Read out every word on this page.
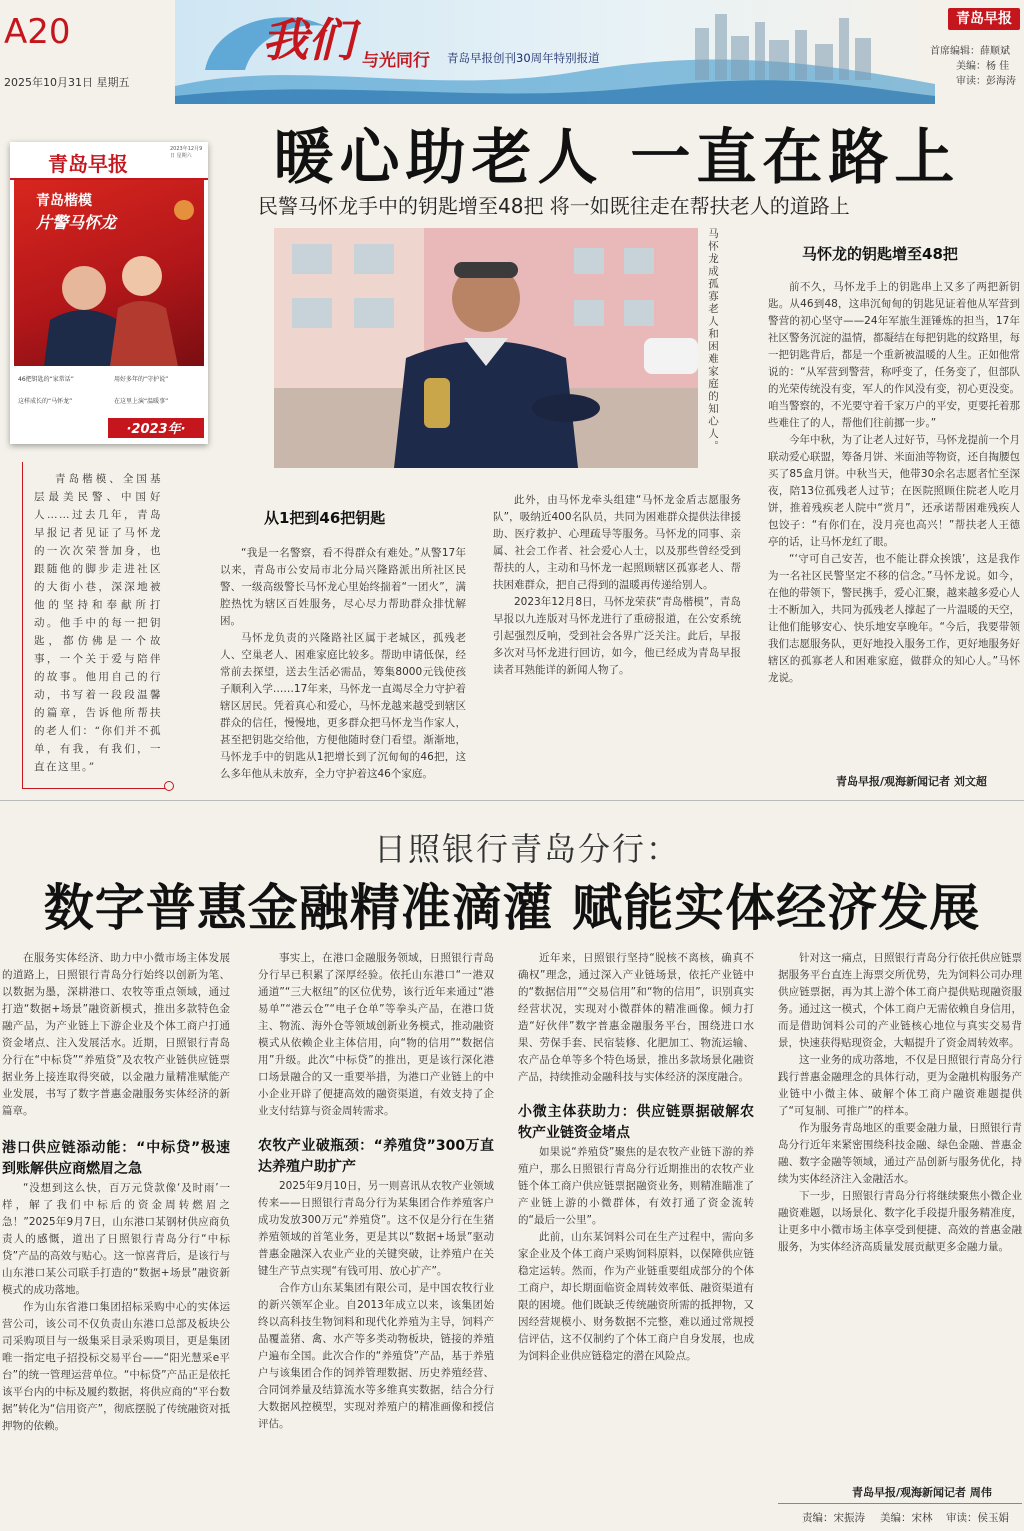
A20
2025年10月31日 星期五
我们 与光同行 青岛早报创刊30周年特别报道
青岛早报
首席编辑：薛顺斌
美编：杨 佳
审读：彭海涛
暖心助老人 一直在路上
民警马怀龙手中的钥匙增至48把 将一如既往走在帮扶老人的道路上
青岛早报
2023年12月9日 星期六
青岛楷模
片警马怀龙
46把钥匙的“家常话”	用好多年的“守护说”
这样成长的“马怀龙”	在这里上演“温暖事”
·2023年·

青岛楷模、全国基层最美民警、中国好人……过去几年，青岛早报记者见证了马怀龙的一次次荣誉加身，也跟随他的脚步走进社区的大街小巷，深深地被他的坚持和奉献所打动。他手中的每一把钥匙，都仿佛是一个故事，一个关于爱与陪伴的故事。他用自己的行动，书写着一段段温馨的篇章，告诉他所帮扶的老人们：“你们并不孤单，有我，有我们，一直在这里。”

马怀龙成孤寡老人和困难家庭的知心人。

从1把到46把钥匙

“我是一名警察，看不得群众有难处。”从警17年以来，青岛市公安局市北分局兴隆路派出所社区民警、一级高级警长马怀龙心里始终揣着“一团火”，满腔热忱为辖区百姓服务，尽心尽力帮助群众排忧解困。

马怀龙负责的兴隆路社区属于老城区，孤残老人、空巢老人、困难家庭比较多。帮助申请低保，经常前去探望，送去生活必需品，筹集8000元钱使孩子顺利入学……17年来，马怀龙一直竭尽全力守护着辖区居民。凭着真心和爱心，马怀龙越来越受到辖区群众的信任，慢慢地，更多群众把马怀龙当作家人，甚至把钥匙交给他，方便他随时登门看望。渐渐地，马怀龙手中的钥匙从1把增长到了沉甸甸的46把，这么多年他从未放弃，全力守护着这46个家庭。

此外，由马怀龙牵头组建“马怀龙金盾志愿服务队”，吸纳近400名队员，共同为困难群众提供法律援助、医疗救护、心理疏导等服务。马怀龙的同事、亲属、社会工作者、社会爱心人士，以及那些曾经受到帮扶的人，主动和马怀龙一起照顾辖区孤寡老人、帮扶困难群众，把自己得到的温暖再传递给别人。

2023年12月8日，马怀龙荣获“青岛楷模”，青岛早报以九连版对马怀龙进行了重磅报道，在公安系统引起强烈反响，受到社会各界广泛关注。此后，早报多次对马怀龙进行回访，如今，他已经成为青岛早报读者耳熟能详的新闻人物了。

马怀龙的钥匙增至48把

前不久，马怀龙手上的钥匙串上又多了两把新钥匙。从46到48，这串沉甸甸的钥匙见证着他从军营到警营的初心坚守——24年军旅生涯锤炼的担当，17年社区警务沉淀的温情，都凝结在每把钥匙的纹路里，每一把钥匙背后，都是一个重新被温暖的人生。正如他常说的：“从军营到警营，称呼变了，任务变了，但部队的光荣传统没有变，军人的作风没有变，初心更没变。咱当警察的，不光要守着千家万户的平安，更要托着那些难住了的人，帮他们往前挪一步。”

今年中秋，为了让老人过好节，马怀龙提前一个月联动爱心联盟，筹备月饼、米面油等物资，还自掏腰包买了85盒月饼。中秋当天，他带30余名志愿者忙至深夜，陪13位孤残老人过节；在医院照顾住院老人吃月饼，推着残疾老人院中“赏月”，还承诺帮困难残疾人包饺子：“有你们在，没月亮也高兴！”帮扶老人王德亭的话，让马怀龙红了眼。

“‘守可自己安苦，也不能让群众挨饿’，这是我作为一名社区民警坚定不移的信念。”马怀龙说。如今，在他的带领下，警民携手，爱心汇聚，越来越多爱心人士不断加入，共同为孤残老人撑起了一片温暖的天空，让他们能够安心、快乐地安享晚年。“今后，我要带领我们志愿服务队，更好地投入服务工作，更好地服务好辖区的孤寡老人和困难家庭，做群众的知心人。”马怀龙说。

青岛早报/观海新闻记者 刘文超
日照银行青岛分行：
数字普惠金融精准滴灌 赋能实体经济发展

在服务实体经济、助力中小微市场主体发展的道路上，日照银行青岛分行始终以创新为笔、以数据为墨，深耕港口、农牧等重点领域，通过打造“数据+场景”融资新模式，推出多款特色金融产品，为产业链上下游企业及个体工商户打通资金堵点、注入发展活水。近期，日照银行青岛分行在“中标贷”“养殖贷”及农牧产业链供应链票据业务上接连取得突破，以金融力量精准赋能产业发展，书写了数字普惠金融服务实体经济的新篇章。

港口供应链添动能：“中标贷”极速到账解供应商燃眉之急

“没想到这么快，百万元贷款像‘及时雨’一样，解了我们中标后的资金周转燃眉之急！”2025年9月7日，山东港口某钢材供应商负责人的感慨，道出了日照银行青岛分行“中标贷”产品的高效与贴心。这一惊喜背后，是该行与山东港口某公司联手打造的“数据+场景”融资新模式的成功落地。

作为山东省港口集团招标采购中心的实体运营公司，该公司不仅负责山东港口总部及板块公司采购项目与一级集采目录采购项目，更是集团唯一指定电子招投标交易平台——“阳光慧采e平台”的统一管理运营单位。“中标贷”产品正是依托该平台内的中标及履约数据，将供应商的“平台数据”转化为“信用资产”，彻底摆脱了传统融资对抵押物的依赖。

事实上，在港口金融服务领域，日照银行青岛分行早已积累了深厚经验。依托山东港口“一港双通道”“三大枢纽”的区位优势，该行近年来通过“港易单”“港云仓”“电子仓单”等拳头产品，在港口货主、物流、海外仓等领域创新业务模式，推动融资模式从依赖企业主体信用，向“物的信用”“数据信用”升级。此次“中标贷”的推出，更是该行深化港口场景融合的又一重要举措，为港口产业链上的中小企业开辟了便捷高效的融资渠道，有效支持了企业支付结算与资金周转需求。

农牧产业破瓶颈：“养殖贷”300万直达养殖户助扩产

2025年9月10日，另一则喜讯从农牧产业领域传来——日照银行青岛分行为某集团合作养殖客户成功发放300万元“养殖贷”。这不仅是分行在生猪养殖领域的首笔业务，更是其以“数据+场景”驱动普惠金融深入农业产业的关键突破，让养殖户在关键生产节点实现“有钱可用、放心扩产”。

合作方山东某集团有限公司，是中国农牧行业的新兴领军企业。自2013年成立以来，该集团始终以高科技生物饲料和现代化养殖为主导，饲料产品覆盖猪、禽、水产等多类动物板块，链接的养殖户遍布全国。此次合作的“养殖贷”产品，基于养殖户与该集团合作的饲养管理数据、历史养殖经营、合同饲养量及结算流水等多维真实数据，结合分行大数据风控模型，实现对养殖户的精准画像和授信评估。

近年来，日照银行坚持“脱核不离核，确真不确权”理念，通过深入产业链场景，依托产业链中的“数据信用”“交易信用”和“物的信用”，识别真实经营状况，实现对小微群体的精准画像。倾力打造“好伙伴”数字普惠金融服务平台，围绕进口水果、劳保手套、民宿装修、化肥加工、物流运输、农产品仓单等多个特色场景，推出多款场景化融资产品，持续推动金融科技与实体经济的深度融合。

小微主体获助力：供应链票据破解农牧产业链资金堵点

如果说“养殖贷”聚焦的是农牧产业链下游的养殖户，那么日照银行青岛分行近期推出的农牧产业链个体工商户供应链票据融资业务，则精准瞄准了产业链上游的小微群体，有效打通了资金流转的“最后一公里”。

此前，山东某饲料公司在生产过程中，需向多家企业及个体工商户采购饲料原料，以保障供应链稳定运转。然而，作为产业链重要组成部分的个体工商户，却长期面临资金周转效率低、融资渠道有限的困境。他们既缺乏传统融资所需的抵押物，又因经营规模小、财务数据不完整，难以通过常规授信评估，这不仅制约了个体工商户自身发展，也成为饲料企业供应链稳定的潜在风险点。

针对这一痛点，日照银行青岛分行依托供应链票据服务平台直连上海票交所优势，先为饲料公司办理供应链票据，再为其上游个体工商户提供贴现融资服务。通过这一模式，个体工商户无需依赖自身信用，而是借助饲料公司的产业链核心地位与真实交易背景，快速获得贴现资金，大幅提升了资金周转效率。

这一业务的成功落地，不仅是日照银行青岛分行践行普惠金融理念的具体行动，更为金融机构服务产业链中小微主体、破解个体工商户融资难题提供了“可复制、可推广”的样本。

作为服务青岛地区的重要金融力量，日照银行青岛分行近年来紧密围绕科技金融、绿色金融、普惠金融、数字金融等领域，通过产品创新与服务优化，持续为实体经济注入金融活水。

下一步，日照银行青岛分行将继续聚焦小微企业融资难题，以场景化、数字化手段提升服务精准度，让更多中小微市场主体享受到便捷、高效的普惠金融服务，为实体经济高质量发展贡献更多金融力量。

青岛早报/观海新闻记者 周伟
责编：宋振涛 美编：宋林 审读：侯玉娟
